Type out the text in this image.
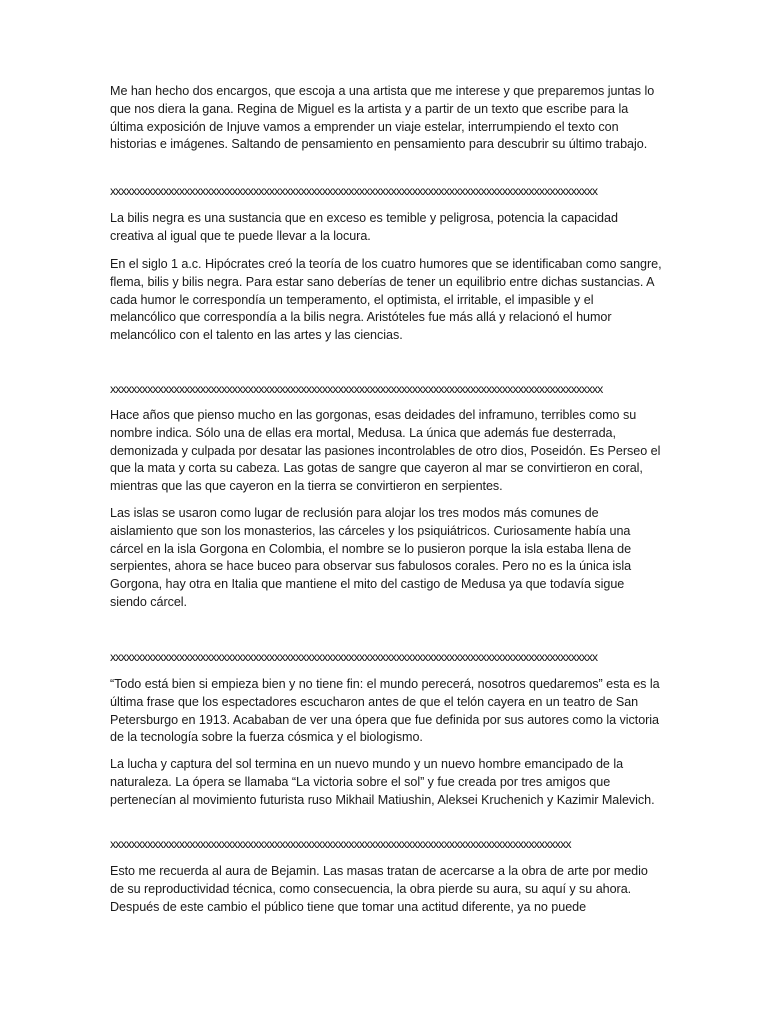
Me han hecho dos encargos, que escoja a una artista que me interese y que preparemos juntas lo que nos diera la gana. Regina de Miguel es la artista y a partir de un texto que escribe para la última exposición de Injuve vamos a emprender un viaje estelar, interrumpiendo el texto con historias e imágenes. Saltando de pensamiento en pensamiento para descubrir su último trabajo.
xxxxxxxxxxxxxxxxxxxxxxxxxxxxxxxxxxxxxxxxxxxxxxxxxxxxxxxxxxxxxxxxxxxxxxxxxxxxxxxxxxxxxxxxxxxx
La bilis negra es una sustancia que en exceso es temible y peligrosa, potencia la capacidad creativa al igual que te puede llevar a la locura.
En el siglo 1 a.c. Hipócrates creó la teoría de los cuatro humores que se identificaban como sangre, flema, bilis y bilis negra. Para estar sano deberías de tener un equilibrio entre dichas sustancias. A cada humor le correspondía un temperamento, el optimista, el irritable, el impasible y el melancólico que correspondía a la bilis negra. Aristóteles fue más allá y relacionó el humor melancólico con el talento en las artes y las ciencias.
xxxxxxxxxxxxxxxxxxxxxxxxxxxxxxxxxxxxxxxxxxxxxxxxxxxxxxxxxxxxxxxxxxxxxxxxxxxxxxxxxxxxxxxxxxxxx
Hace años que pienso mucho en las gorgonas, esas deidades del inframuno, terribles como su nombre indica. Sólo una de ellas era mortal, Medusa. La única que además fue desterrada, demonizada y culpada por desatar las pasiones incontrolables de otro dios, Poseidón. Es Perseo el que la mata y corta su cabeza. Las gotas de sangre que cayeron al mar se convirtieron en coral, mientras que las que cayeron en la tierra se convirtieron en serpientes.
Las islas se usaron como lugar de reclusión para alojar los tres modos más comunes de aislamiento que son los monasterios, las cárceles y los psiquiátricos. Curiosamente había una cárcel en la isla Gorgona en Colombia, el nombre se lo pusieron porque la isla estaba llena de serpientes, ahora se hace buceo para observar sus fabulosos corales. Pero no es la única isla Gorgona, hay otra en Italia que mantiene el mito del castigo de Medusa ya que todavía sigue siendo cárcel.
xxxxxxxxxxxxxxxxxxxxxxxxxxxxxxxxxxxxxxxxxxxxxxxxxxxxxxxxxxxxxxxxxxxxxxxxxxxxxxxxxxxxxxxxxxxx
“Todo está bien si empieza bien y no tiene fin: el mundo perecerá, nosotros quedaremos” esta es la última frase que los espectadores escucharon antes de que el telón cayera en un teatro de San Petersburgo en 1913. Acababan de ver una ópera que fue definida por sus autores como la victoria de la tecnología sobre la fuerza cósmica y el biologismo.
La lucha y captura del sol termina en un nuevo mundo y un nuevo hombre emancipado de la naturaleza. La ópera se llamaba “La victoria sobre el sol” y fue creada por tres amigos que pertenecían al movimiento futurista ruso Mikhail Matiushin, Aleksei Kruchenich y Kazimir Malevich.
xxxxxxxxxxxxxxxxxxxxxxxxxxxxxxxxxxxxxxxxxxxxxxxxxxxxxxxxxxxxxxxxxxxxxxxxxxxxxxxxxxxxxxx
Esto me recuerda al aura de Bejamin. Las masas tratan de acercarse a la obra de arte por medio de su reproductividad técnica, como consecuencia, la obra pierde su aura, su aquí y su ahora. Después de este cambio el público tiene que tomar una actitud diferente, ya no puede
